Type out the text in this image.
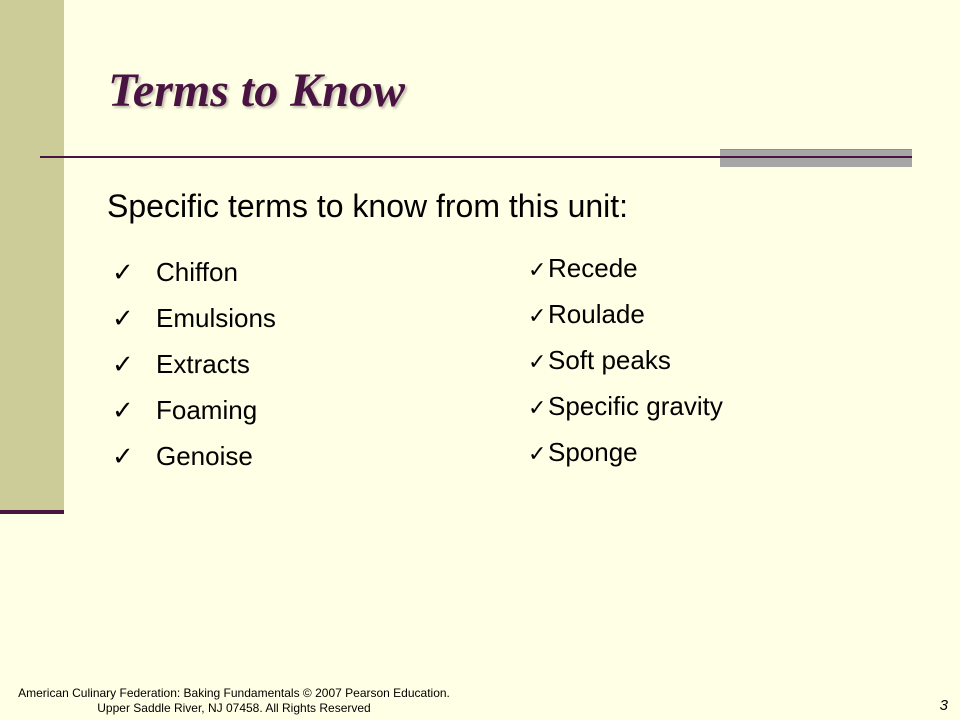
Terms to Know
Specific terms to know from this unit:
✓ Chiffon
✓ Emulsions
✓ Extracts
✓ Foaming
✓ Genoise
✓Recede
✓Roulade
✓Soft peaks
✓Specific gravity
✓Sponge
American Culinary Federation: Baking Fundamentals © 2007 Pearson Education. Upper Saddle River, NJ 07458. All Rights Reserved	3
